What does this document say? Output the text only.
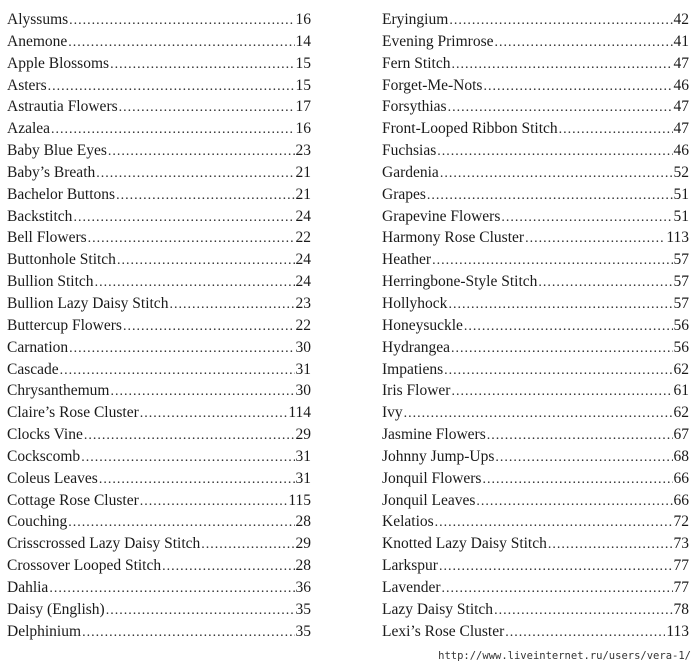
Alyssums .....	16
Anemone .....	14
Apple Blossoms .....	15
Asters .....	15
Astrautia Flowers .....	17
Azalea .....	16
Baby Blue Eyes .....	23
Baby’s Breath .....	21
Bachelor Buttons .....	21
Backstitch .....	24
Bell Flowers .....	22
Buttonhole Stitch .....	24
Bullion Stitch .....	24
Bullion Lazy Daisy Stitch .....	23
Buttercup Flowers .....	22
Carnation .....	30
Cascade .....	31
Chrysanthemum .....	30
Claire’s Rose Cluster .....	114
Clocks Vine .....	29
Cockscomb .....	31
Coleus Leaves .....	31
Cottage Rose Cluster .....	115
Couching .....	28
Crisscrossed Lazy Daisy Stitch .....	29
Crossover Looped Stitch .....	28
Dahlia .....	36
Daisy (English) .....	35
Delphinium .....	35
Eryingium .....	42
Evening Primrose .....	41
Fern Stitch .....	47
Forget-Me-Nots .....	46
Forsythias .....	47
Front-Looped Ribbon Stitch .....	47
Fuchsias .....	46
Gardenia .....	52
Grapes .....	51
Grapevine Flowers .....	51
Harmony Rose Cluster .....	113
Heather .....	57
Herringbone-Style Stitch .....	57
Hollyhock .....	57
Honeysuckle .....	56
Hydrangea .....	56
Impatiens .....	62
Iris Flower .....	61
Ivy .....	62
Jasmine Flowers .....	67
Johnny Jump-Ups .....	68
Jonquil Flowers .....	66
Jonquil Leaves .....	66
Kelatios .....	72
Knotted Lazy Daisy Stitch .....	73
Larkspur .....	77
Lavender .....	77
Lazy Daisy Stitch .....	78
Lexi’s Rose Cluster .....	113
http://www.liveinternet.ru/users/vera-1/
